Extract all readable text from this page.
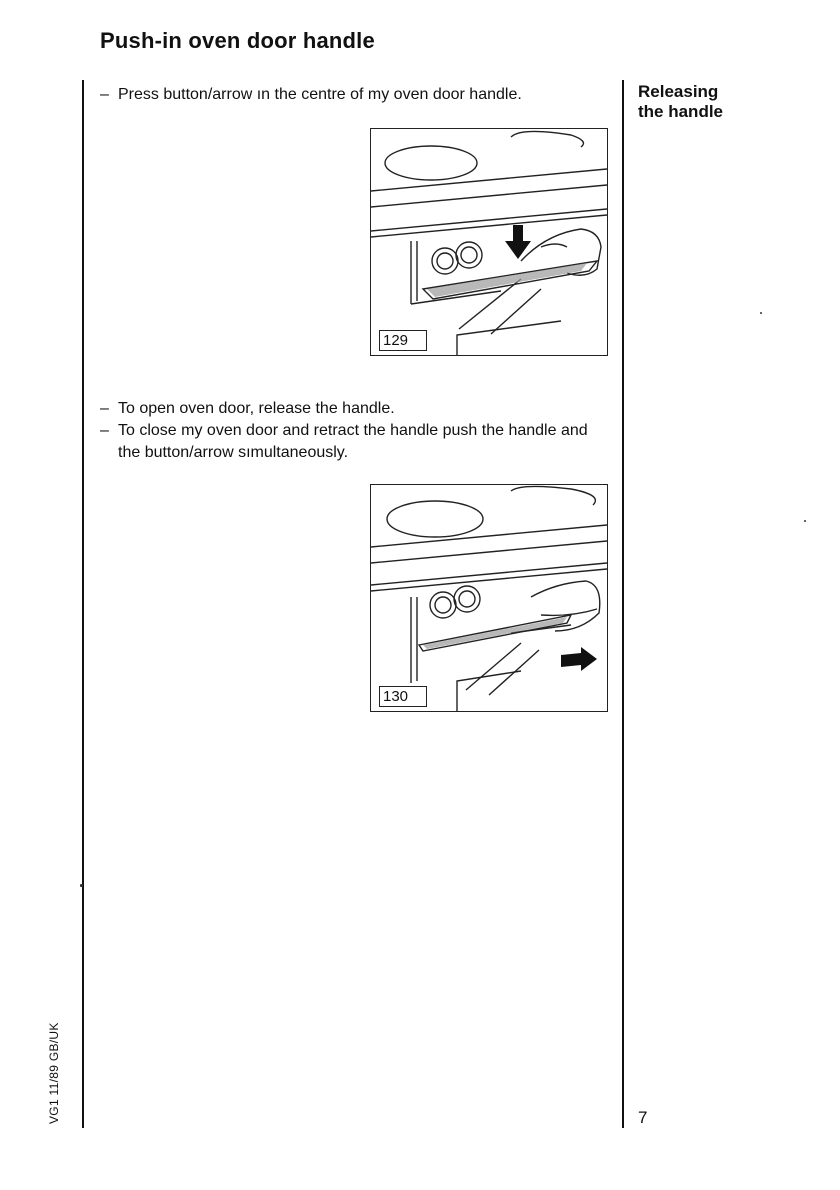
Push-in oven door handle
Releasing
the handle
– Press button/arrow ın the centre of my oven door handle.
129
– To open oven door, release the handle.
– To close my oven door and retract the handle push the handle and the button/arrow sımultaneously.
130
VG1 11/89 GB/UK	7
